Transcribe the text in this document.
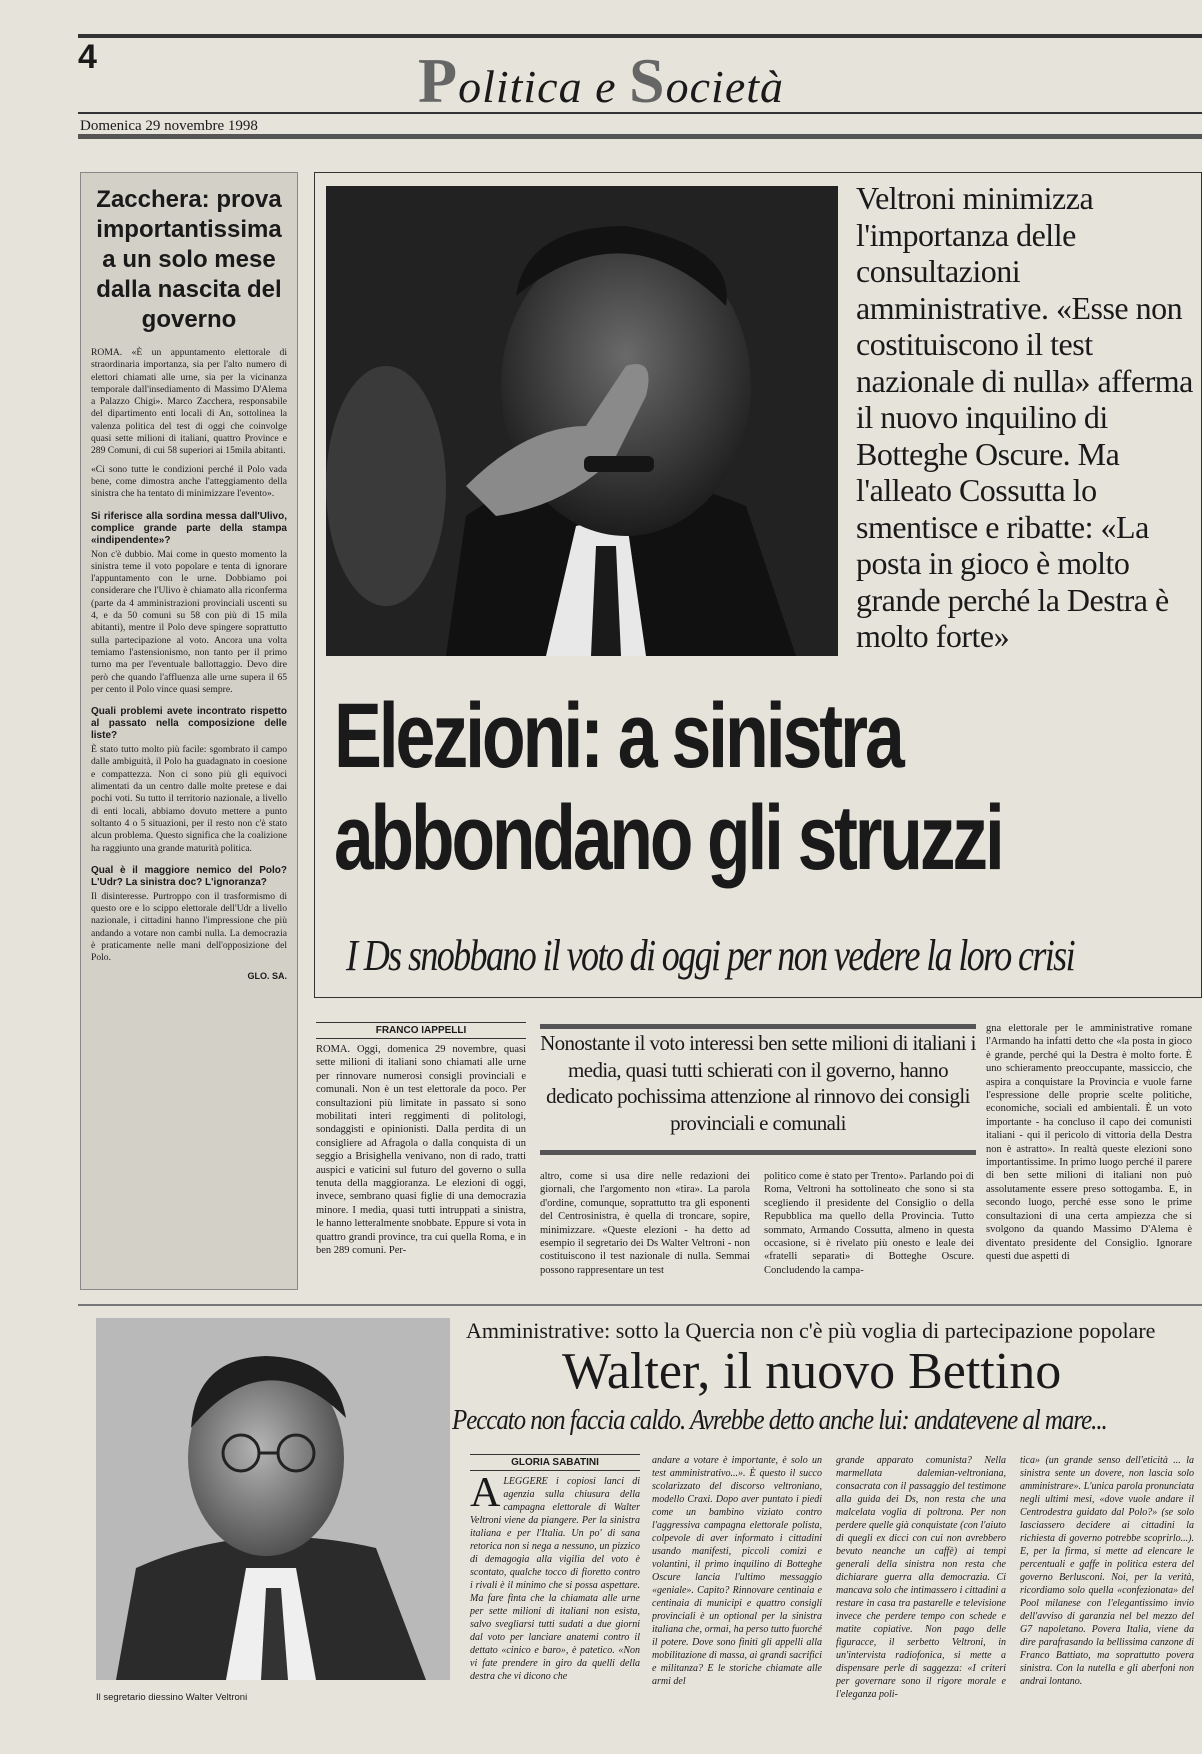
4	Politica e Società
Domenica 29 novembre 1998
Zacchera: prova importantissima a un solo mese dalla nascita del governo

ROMA. «È un appuntamento elettorale di straordinaria importanza, sia per l'alto numero di elettori chiamati alle urne, sia per la vicinanza temporale dall'insediamento di Massimo D'Alema a Palazzo Chigi». Marco Zacchera, responsabile del dipartimento enti locali di An, sottolinea la valenza politica del test di oggi che coinvolge quasi sette milioni di italiani, quattro Province e 289 Comuni, di cui 58 superiori ai 15mila abitanti.

«Ci sono tutte le condizioni perché il Polo vada bene, come dimostra anche l'atteggiamento della sinistra che ha tentato di minimizzare l'evento».

Si riferisce alla sordina messa dall'Ulivo, complice grande parte della stampa «indipendente»?

Non c'è dubbio. Mai come in questo momento la sinistra teme il voto popolare e tenta di ignorare l'appuntamento con le urne. Dobbiamo poi considerare che l'Ulivo è chiamato alla riconferma (parte da 4 amministrazioni provinciali uscenti su 4, e da 50 comuni su 58 con più di 15 mila abitanti), mentre il Polo deve spingere soprattutto sulla partecipazione al voto. Ancora una volta temiamo l'astensionismo, non tanto per il primo turno ma per l'eventuale ballottaggio. Devo dire però che quando l'affluenza alle urne supera il 65 per cento il Polo vince quasi sempre.

Quali problemi avete incontrato rispetto al passato nella composizione delle liste?

È stato tutto molto più facile: sgombrato il campo dalle ambiguità, il Polo ha guadagnato in coesione e compattezza. Non ci sono più gli equivoci alimentati da un centro dalle molte pretese e dai pochi voti. Su tutto il territorio nazionale, a livello di enti locali, abbiamo dovuto mettere a punto soltanto 4 o 5 situazioni, per il resto non c'è stato alcun problema. Questo significa che la coalizione ha raggiunto una grande maturità politica.

Qual è il maggiore nemico del Polo? L'Udr? La sinistra doc? L'ignoranza?

Il disinteresse. Purtroppo con il trasformismo di questo ore e lo scippo elettorale dell'Udr a livello nazionale, i cittadini hanno l'impressione che più andando a votare non cambi nulla. La democrazia è praticamente nelle mani dell'opposizione del Polo.

GLO. SA.
Veltroni minimizza l'importanza delle consultazioni amministrative. «Esse non costituiscono il test nazionale di nulla» afferma il nuovo inquilino di Botteghe Oscure. Ma l'alleato Cossutta lo smentisce e ribatte: «La posta in gioco è molto grande perché la Destra è molto forte»
Elezioni: a sinistra
abbondano gli struzzi
I Ds snobbano il voto di oggi per non vedere la loro crisi
FRANCO IAPPELLI
ROMA. Oggi, domenica 29 novembre, quasi sette milioni di italiani sono chiamati alle urne per rinnovare numerosi consigli provinciali e comunali. Non è un test elettorale da poco. Per consultazioni più limitate in passato si sono mobilitati interi reggimenti di politologi, sondaggisti e opinionisti. Dalla perdita di un consigliere ad Afragola o dalla conquista di un seggio a Brisighella venivano, non di rado, tratti auspici e vaticini sul futuro del governo o sulla tenuta della maggioranza. Le elezioni di oggi, invece, sembrano quasi figlie di una democrazia minore. I media, quasi tutti intruppati a sinistra, le hanno letteralmente snobbate. Eppure si vota in quattro grandi province, tra cui quella Roma, e in ben 289 comuni. Per-
Nonostante il voto interessi ben sette milioni di italiani i media, quasi tutti schierati con il governo, hanno dedicato pochissima attenzione al rinnovo dei consigli provinciali e comunali
altro, come si usa dire nelle redazioni dei giornali, che l'argomento non «tira». La parola d'ordine, comunque, soprattutto tra gli esponenti del Centrosinistra, è quella di troncare, sopire, minimizzare. «Queste elezioni - ha detto ad esempio il segretario dei Ds Walter Veltroni - non costituiscono il test nazionale di nulla. Semmai possono rappresentare un test
politico come è stato per Trento». Parlando poi di Roma, Veltroni ha sottolineato che sono si sta scegliendo il presidente del Consiglio o della Repubblica ma quello della Provincia. Tutto sommato, Armando Cossutta, almeno in questa occasione, si è rivelato più onesto e leale dei «fratelli separati» di Botteghe Oscure. Concludendo la campa-
gna elettorale per le amministrative romane l'Armando ha infatti detto che «la posta in gioco è grande, perché qui la Destra è molto forte. È uno schieramento preoccupante, massiccio, che aspira a conquistare la Provincia e vuole farne l'espressione delle proprie scelte politiche, economiche, sociali ed ambientali. È un voto importante - ha concluso il capo dei comunisti italiani - qui il pericolo di vittoria della Destra non è astratto». In realtà queste elezioni sono importantissime. In primo luogo perché il parere di ben sette milioni di italiani non può assolutamente essere preso sottogamba. E, in secondo luogo, perché esse sono le prime consultazioni di una certa ampiezza che si svolgono da quando Massimo D'Alema è diventato presidente del Consiglio. Ignorare questi due aspetti di
Il segretario diessino Walter Veltroni
Amministrative: sotto la Quercia non c'è più voglia di partecipazione popolare
Walter, il nuovo Bettino
Peccato non faccia caldo. Avrebbe detto anche lui: andatevene al mare...
GLORIA SABATINI
ALEGGERE i copiosi lanci di agenzia sulla chiusura della campagna elettorale di Walter Veltroni viene da piangere. Per la sinistra italiana e per l'Italia. Un po' di sana retorica non si nega a nessuno, un pizzico di demagogia alla vigilia del voto è scontato, qualche tocco di fioretto contro i rivali è il minimo che si possa aspettare. Ma fare finta che la chiamata alle urne per sette milioni di italiani non esista, salvo svegliarsi tutti sudati a due giorni dal voto per lanciare anatemi contro il dettato «cinico e baro», è patetico. «Non vi fate prendere in giro da quelli della destra che vi dicono che
andare a votare è importante, è solo un test amministrativo...». È questo il succo scolarizzato del discorso veltroniano, modello Craxi. Dopo aver puntato i piedi come un bambino viziato contro l'aggressiva campagna elettorale polista, colpevole di aver informato i cittadini usando manifesti, piccoli comizi e volantini, il primo inquilino di Botteghe Oscure lancia l'ultimo messaggio «geniale». Capito? Rinnovare centinaia e centinaia di municipi e quattro consigli provinciali è un optional per la sinistra italiana che, ormai, ha perso tutto fuorché il potere. Dove sono finiti gli appelli alla mobilitazione di massa, ai grandi sacrifici e militanza? E le storiche chiamate alle armi del
grande apparato comunista? Nella marmellata dalemian-veltroniana, consacrata con il passaggio del testimone alla guida dei Ds, non resta che una malcelata voglia di poltrona. Per non perdere quelle già conquistate (con l'aiuto di quegli ex dicci con cui non avrebbero bevuto neanche un caffè) ai tempi generali della sinistra non resta che dichiarare guerra alla democrazia. Ci mancava solo che intimassero i cittadini a restare in casa tra pastarelle e televisione invece che perdere tempo con schede e matite copiative. Non pago delle figuracce, il serbetto Veltroni, in un'intervista radiofonica, si mette a dispensare perle di saggezza: «I criteri per governare sono il rigore morale e l'eleganza poli-
tica» (un grande senso dell'eticità ... la sinistra sente un dovere, non lascia solo amministrare». L'unica parola pronunciata negli ultimi mesi, «dove vuole andare il Centrodestra guidato dal Polo?» (se solo lasciassero decidere ai cittadini la richiesta di governo potrebbe scoprirlo...). E, per la firma, si mette ad elencare le percentuali e gaffe in politica estera del governo Berlusconi. Noi, per la verità, ricordiamo solo quella «confezionata» del Pool milanese con l'elegantissimo invio dell'avviso di garanzia nel bel mezzo del G7 napoletano. Povera Italia, viene da dire parafrasando la bellissima canzone di Franco Battiato, ma soprattutto povera sinistra. Con la nutella e gli aberfoni non andrai lontano.
